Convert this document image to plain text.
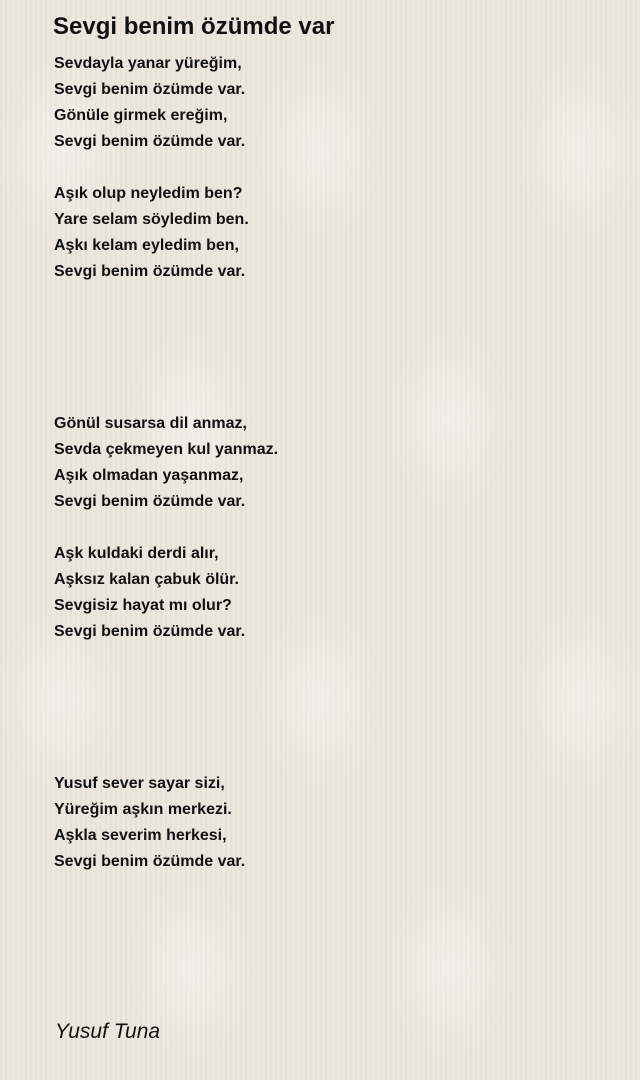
Sevgi benim özümde var
Sevdayla yanar yüreğim,
Sevgi benim özümde var.
Gönüle girmek ereğim,
Sevgi benim özümde var.
Aşık olup neyledim ben?
Yare selam söyledim ben.
Aşkı kelam eyledim ben,
Sevgi benim özümde var.
Gönül susarsa dil anmaz,
Sevda çekmeyen kul yanmaz.
Aşık olmadan yaşanmaz,
Sevgi benim özümde var.
Aşk kuldaki derdi alır,
Aşksız kalan çabuk ölür.
Sevgisiz hayat mı olur?
Sevgi benim özümde var.
Yusuf sever sayar sizi,
Yüreğim aşkın merkezi.
Aşkla severim herkesi,
Sevgi benim özümde var.
Yusuf Tuna
